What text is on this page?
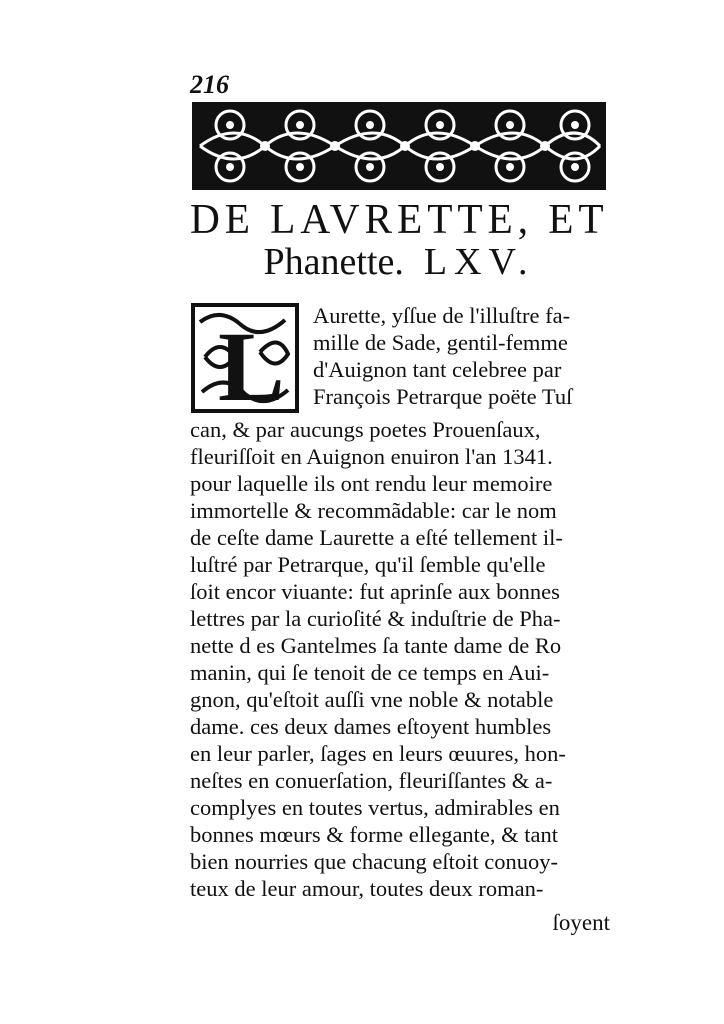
216
DE LAVRETTE, ET
Phanette. LXV.
L Aurette, yſſue de l'illuſtre fa-
mille de Sade, gentil-femme
d'Auignon tant celebree par
François Petrarque poëte Tuſ
can, & par aucungs poetes Prouenſaux,
fleuriſſoit en Auignon enuiron l'an 1341.
pour laquelle ils ont rendu leur memoire
immortelle & recommãdable: car le nom
de ceſte dame Laurette a eſté tellement il-
luſtré par Petrarque, qu'il ſemble qu'elle
ſoit encor viuante: fut aprinſe aux bonnes
lettres par la curioſité & induſtrie de Pha-
nette d es Gantelmes ſa tante dame de Ro
manin, qui ſe tenoit de ce temps en Aui-
gnon, qu'eſtoit auſſi vne noble & notable
dame. ces deux dames eſtoyent humbles
en leur parler, ſages en leurs œuures, hon-
neſtes en conuerſation, fleuriſſantes & a-
complyes en toutes vertus, admirables en
bonnes mœurs & forme ellegante, & tant
bien nourries que chacung eſtoit conuoy-
teux de leur amour, toutes deux roman-
ſoyent
